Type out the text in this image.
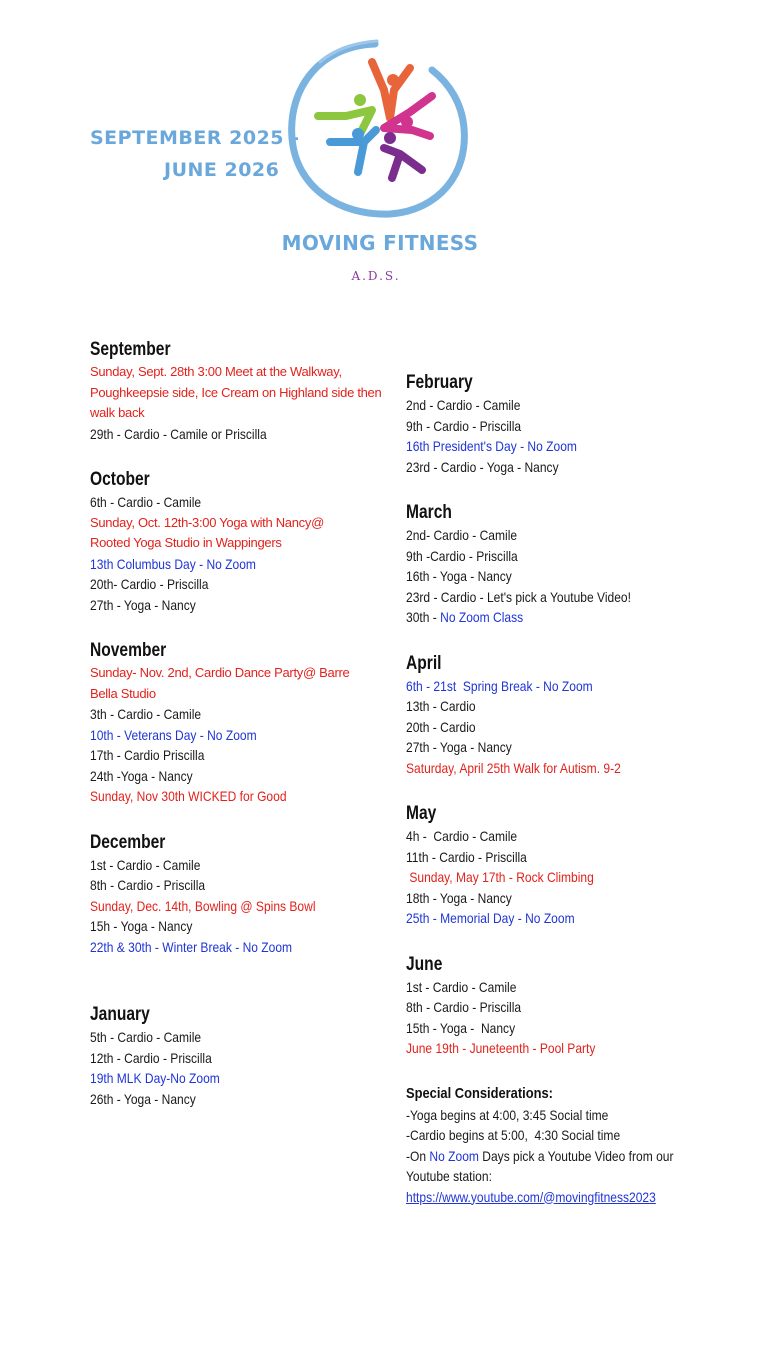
SEPTEMBER 2025 -
JUNE 2026
MOVING FITNESS
A.D.S.
September
Sunday, Sept. 28th 3:00 Meet at the Walkway, Poughkeepsie side, Ice Cream on Highland side then walk back
29th - Cardio - Camile or Priscilla
October
6th - Cardio - Camile
Sunday, Oct. 12th-3:00 Yoga with Nancy@ Rooted Yoga Studio in Wappingers
13th Columbus Day - No Zoom
20th- Cardio - Priscilla
27th - Yoga - Nancy
November
Sunday- Nov. 2nd, Cardio Dance Party@ Barre Bella Studio
3th - Cardio - Camile
10th - Veterans Day - No Zoom
17th - Cardio Priscilla
24th -Yoga - Nancy
Sunday, Nov 30th WICKED for Good
December
1st - Cardio - Camile
8th - Cardio - Priscilla
Sunday, Dec. 14th, Bowling @ Spins Bowl
15h - Yoga - Nancy
22th & 30th - Winter Break - No Zoom
January
5th - Cardio - Camile
12th - Cardio - Priscilla
19th MLK Day-No Zoom
26th - Yoga - Nancy
February
2nd - Cardio - Camile
9th - Cardio - Priscilla
16th President's Day - No Zoom
23rd - Cardio - Yoga - Nancy
March
2nd- Cardio - Camile
9th -Cardio - Priscilla
16th - Yoga - Nancy
23rd - Cardio - Let's pick a Youtube Video!
30th - No Zoom Class
April
6th - 21st  Spring Break - No Zoom
13th - Cardio
20th - Cardio
27th - Yoga - Nancy
Saturday, April 25th Walk for Autism. 9-2
May
4h -  Cardio - Camile
11th - Cardio - Priscilla
Sunday, May 17th - Rock Climbing
18th - Yoga - Nancy
25th - Memorial Day - No Zoom
June
1st - Cardio - Camile
8th - Cardio - Priscilla
15th - Yoga -  Nancy
June 19th - Juneteenth - Pool Party
Special Considerations:
-Yoga begins at 4:00, 3:45 Social time
-Cardio begins at 5:00,  4:30 Social time
-On No Zoom Days pick a Youtube Video from our
Youtube station:
https://www.youtube.com/@movingfitness2023
